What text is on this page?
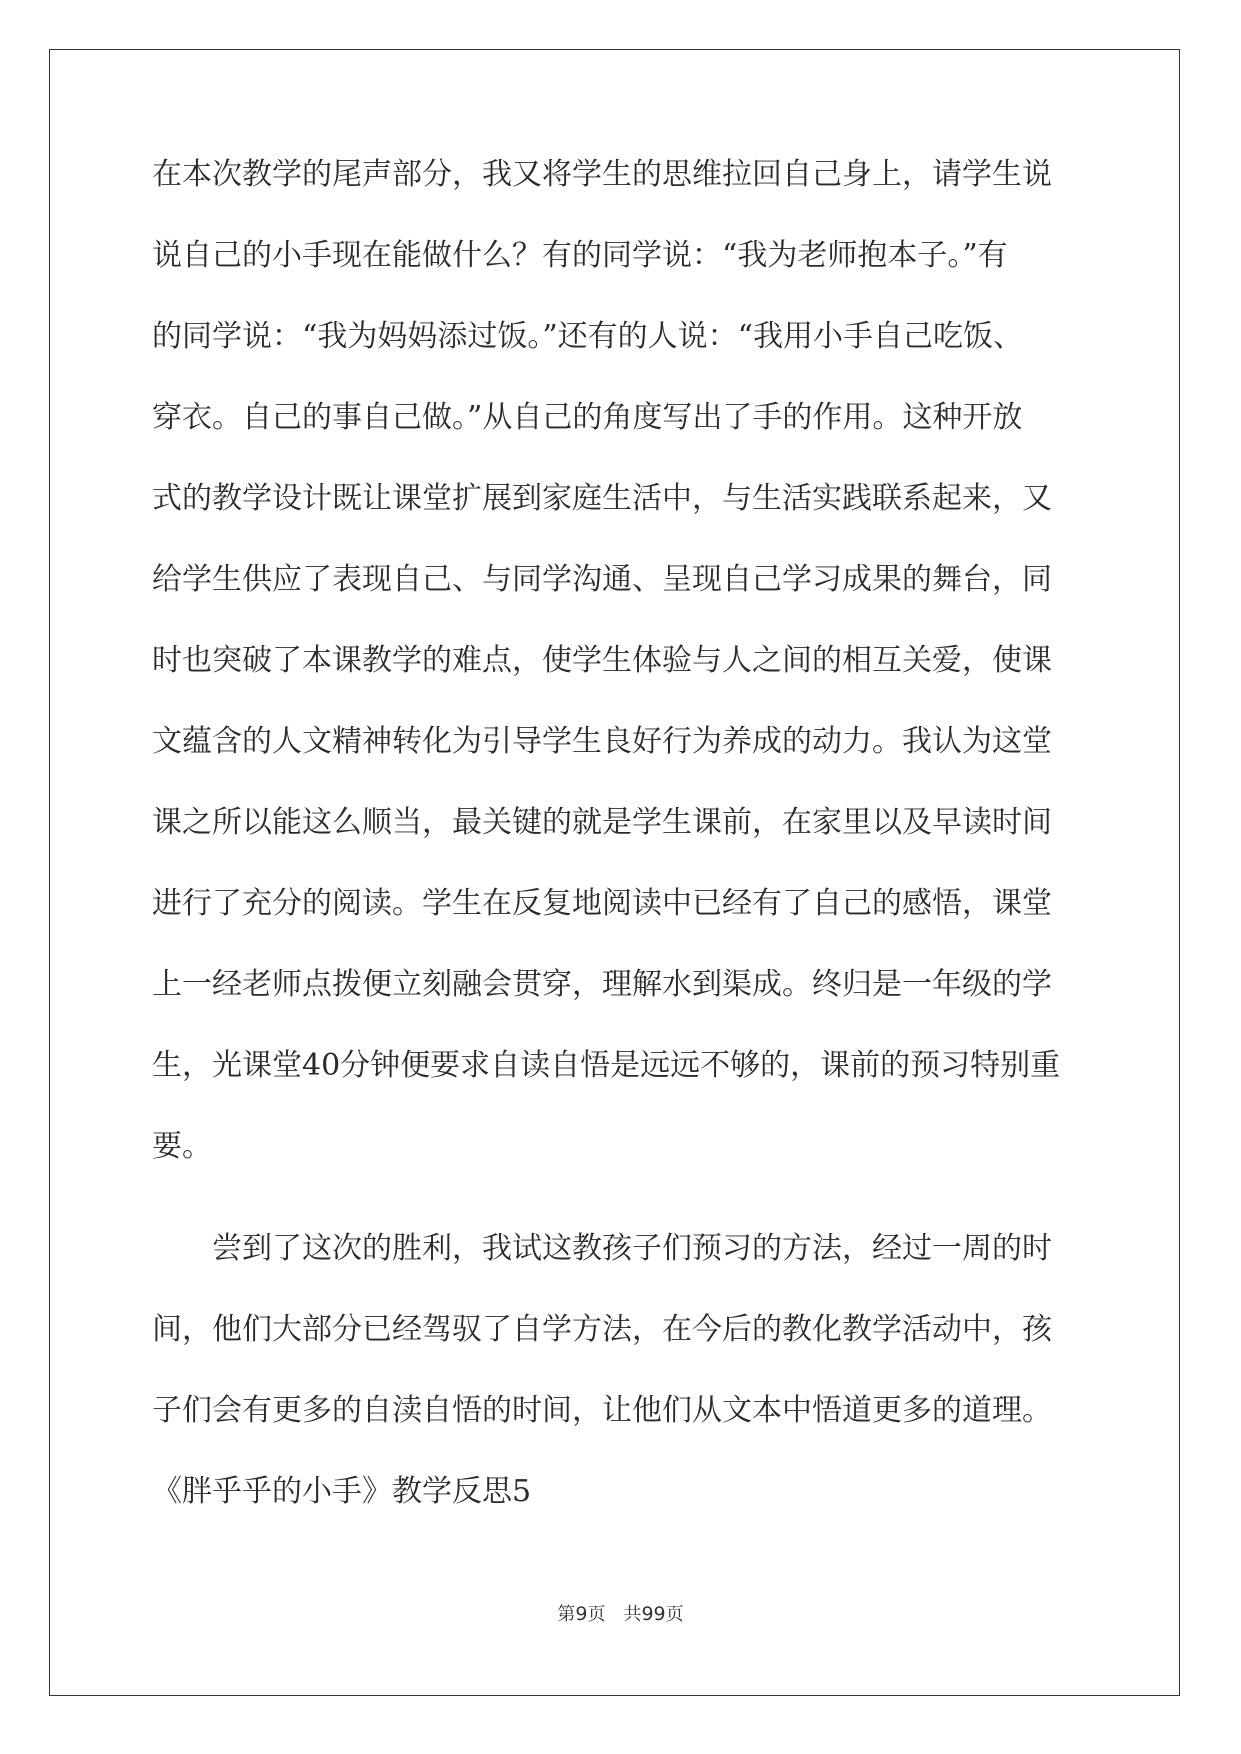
在本次教学的尾声部分，我又将学生的思维拉回自己身上，请学生说
说自己的小手现在能做什么？有的同学说：“我为老师抱本子。”有
的同学说：“我为妈妈添过饭。”还有的人说：“我用小手自己吃饭、
穿衣。自己的事自己做。”从自己的角度写出了手的作用。这种开放
式的教学设计既让课堂扩展到家庭生活中，与生活实践联系起来，又
给学生供应了表现自己、与同学沟通、呈现自己学习成果的舞台，同
时也突破了本课教学的难点，使学生体验与人之间的相互关爱，使课
文蕴含的人文精神转化为引导学生良好行为养成的动力。我认为这堂
课之所以能这么顺当，最关键的就是学生课前，在家里以及早读时间
进行了充分的阅读。学生在反复地阅读中已经有了自己的感悟，课堂
上一经老师点拨便立刻融会贯穿，理解水到渠成。终归是一年级的学
生，光课堂40分钟便要求自读自悟是远远不够的，课前的预习特别重
要。
尝到了这次的胜利，我试这教孩子们预习的方法，经过一周的时
间，他们大部分已经驾驭了自学方法，在今后的教化教学活动中，孩
子们会有更多的自渎自悟的时间，让他们从文本中悟道更多的道理。
《胖乎乎的小手》教学反思5
第9页 共99页
